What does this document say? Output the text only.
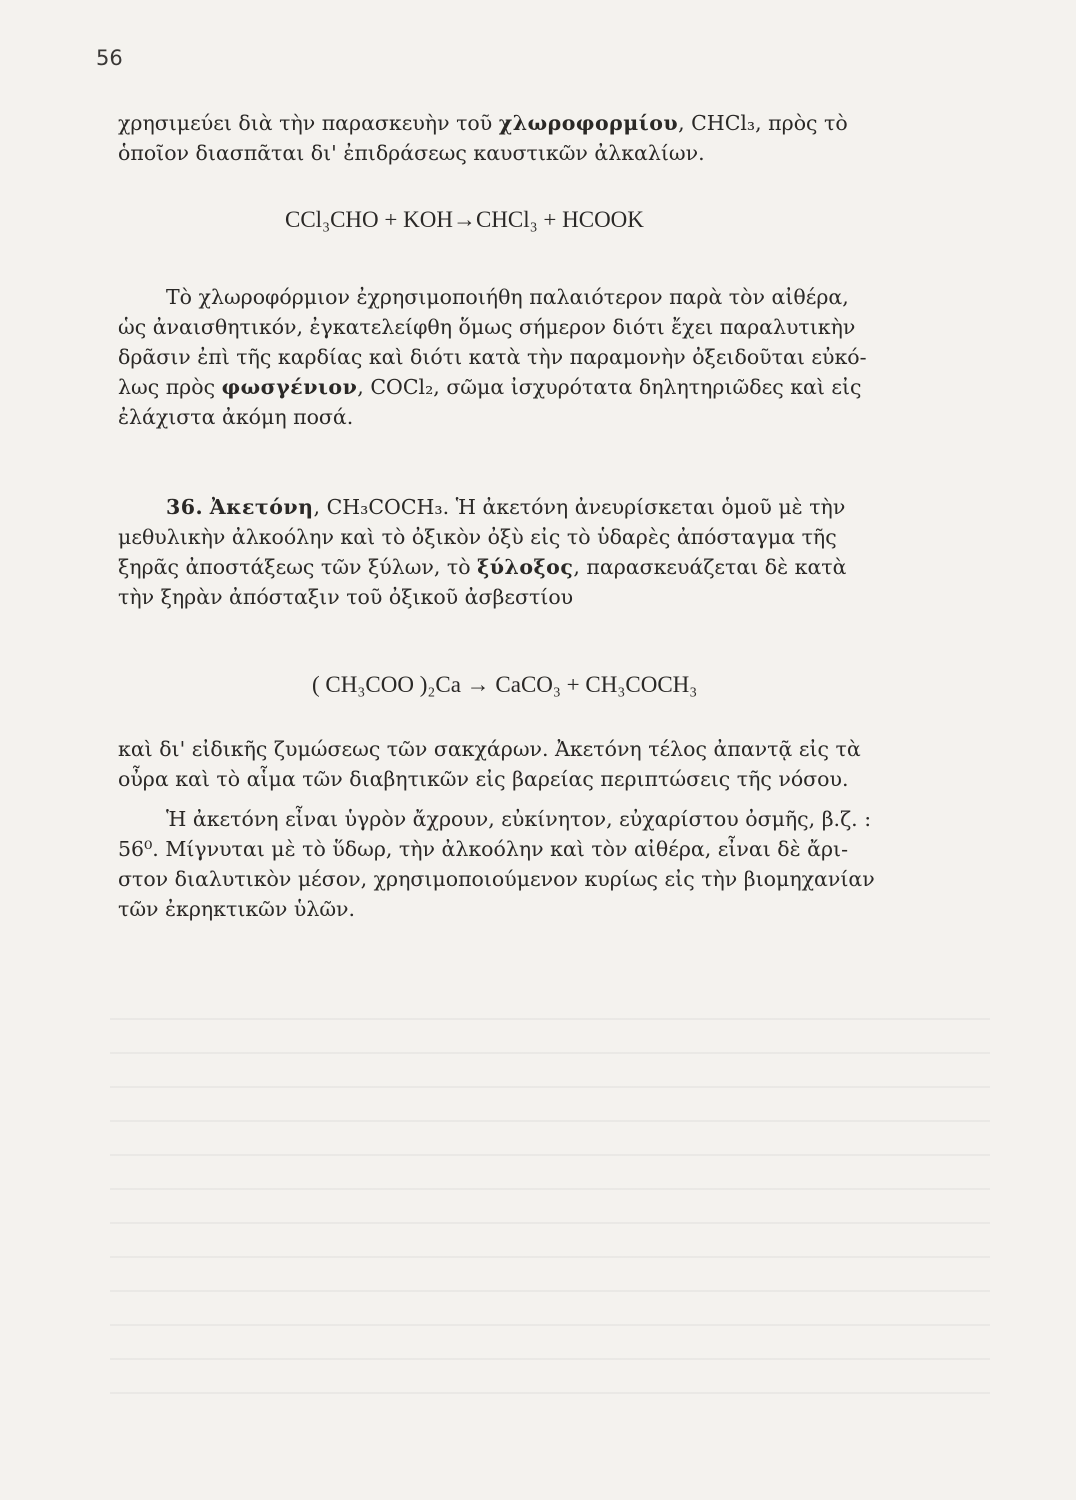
56
χρησιμεύει διὰ τὴν παρασκευὴν τοῦ χλωροφορμίου, CHCl₃, πρὸς τὸ
ὁποῖον διασπᾶται δι' ἐπιδράσεως καυστικῶν ἀλκαλίων.
CCl₃CHO + KOH→CHCl₃ + HCOOK
Τὸ χλωροφόρμιον ἐχρησιμοποιήθη παλαιότερον παρὰ τὸν αἰθέρα,
ὡς ἀναισθητικόν, ἐγκατελείφθη ὅμως σήμερον διότι ἔχει παραλυτικὴν
δρᾶσιν ἐπὶ τῆς καρδίας καὶ διότι κατὰ τὴν παραμονὴν ὀξειδοῦται εὐκό-
λως πρὸς φωσγένιον, COCl₂, σῶμα ἰσχυρότατα δηλητηριῶδες καὶ εἰς
ἐλάχιστα ἀκόμη ποσά.
36. Ἀκετόνη, CH₃COCH₃. Ἡ ἀκετόνη ἀνευρίσκεται ὁμοῦ μὲ τὴν
μεθυλικὴν ἀλκοόλην καὶ τὸ ὀξικὸν ὀξὺ εἰς τὸ ὑδαρὲς ἀπόσταγμα τῆς
ξηρᾶς ἀποστάξεως τῶν ξύλων, τὸ ξύλοξος, παρασκευάζεται δὲ κατὰ
τὴν ξηρὰν ἀπόσταξιν τοῦ ὀξικοῦ ἀσβεστίου
( CH₃COO )₂Ca → CaCO₃ + CH₃COCH₃
καὶ δι' εἰδικῆς ζυμώσεως τῶν σακχάρων. Ἀκετόνη τέλος ἀπαντᾷ εἰς τὰ
οὖρα καὶ τὸ αἷμα τῶν διαβητικῶν εἰς βαρείας περιπτώσεις τῆς νόσου.
Ἡ ἀκετόνη εἶναι ὑγρὸν ἄχρουν, εὐκίνητον, εὐχαρίστου ὀσμῆς, β.ζ. :
56⁰. Μίγνυται μὲ τὸ ὕδωρ, τὴν ἀλκοόλην καὶ τὸν αἰθέρα, εἶναι δὲ ἄρι-
στον διαλυτικὸν μέσον, χρησιμοποιούμενον κυρίως εἰς τὴν βιομηχανίαν
τῶν ἐκρηκτικῶν ὑλῶν.
